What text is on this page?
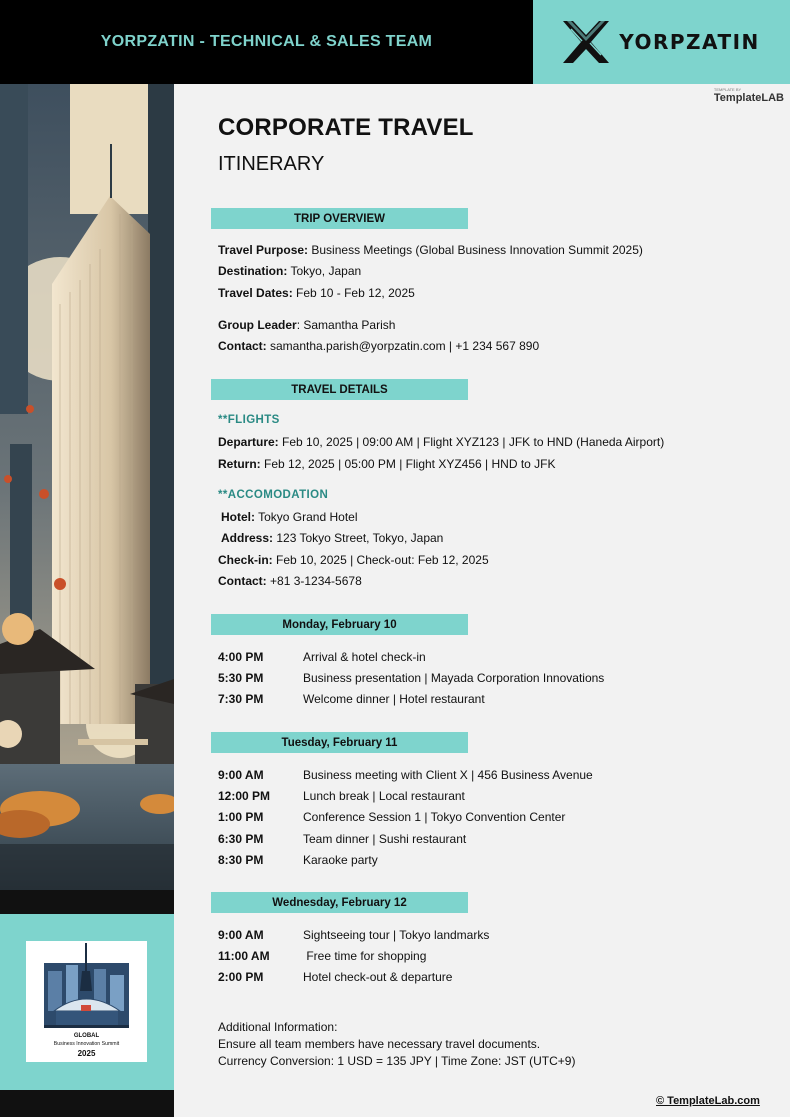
YORPZATIN - TECHNICAL & SALES TEAM	YORPZATIN
GLOBAL
Business Innovation Summit
2025
TEMPLATE BY
TemplateLAB
CORPORATE TRAVEL
ITINERARY
TRIP OVERVIEW
Travel Purpose: Business Meetings (Global Business Innovation Summit 2025)
Destination: Tokyo, Japan
Travel Dates: Feb 10 - Feb 12, 2025
Group Leader: Samantha Parish
Contact: samantha.parish@yorpzatin.com | +1 234 567 890
TRAVEL DETAILS
**FLIGHTS
Departure: Feb 10, 2025 | 09:00 AM | Flight XYZ123 | JFK to HND (Haneda Airport)
Return: Feb 12, 2025 | 05:00 PM | Flight XYZ456 | HND to JFK
**ACCOMODATION
Hotel: Tokyo Grand Hotel
Address: 123 Tokyo Street, Tokyo, Japan
Check-in: Feb 10, 2025 | Check-out: Feb 12, 2025
Contact: +81 3-1234-5678
Monday, February 10
4:00 PM	Arrival & hotel check-in
5:30 PM	Business presentation | Mayada Corporation Innovations
7:30 PM	Welcome dinner | Hotel restaurant
Tuesday, February 11
9:00 AM	Business meeting with Client X | 456 Business Avenue
12:00 PM	Lunch break | Local restaurant
1:00 PM	Conference Session 1 | Tokyo Convention Center
6:30 PM	Team dinner | Sushi restaurant
8:30 PM	Karaoke party
Wednesday, February 12
9:00 AM	Sightseeing tour | Tokyo landmarks
11:00 AM	Free time for shopping
2:00 PM	Hotel check-out & departure
Additional Information:
Ensure all team members have necessary travel documents.
Currency Conversion: 1 USD = 135 JPY | Time Zone: JST (UTC+9)
© TemplateLab.com
